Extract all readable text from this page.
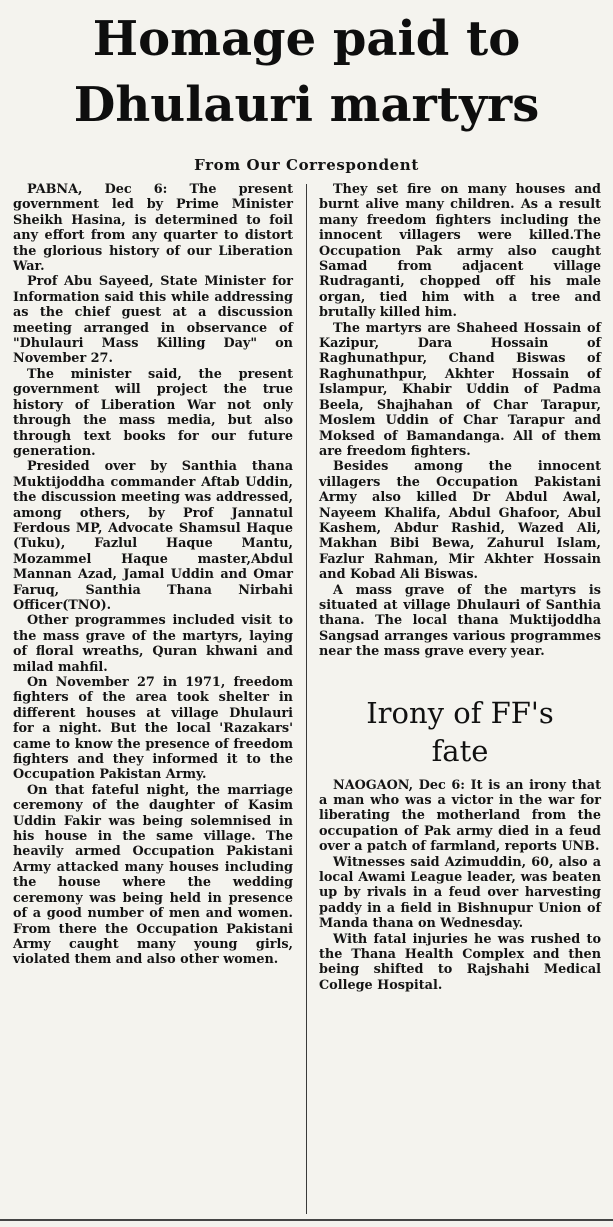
Homage paid to
Dhulauri martyrs
From Our Correspondent

PABNA, Dec 6: The present government led by Prime Minister Sheikh Hasina, is determined to foil any effort from any quarter to distort the glorious history of our Liberation War.

Prof Abu Sayeed, State Minister for Information said this while addressing as the chief guest at a discussion meeting arranged in observance of "Dhulauri Mass Killing Day" on November 27.

The minister said, the present government will project the true history of Liberation War not only through the mass media, but also through text books for our future generation.

Presided over by Santhia thana Muktijoddha commander Aftab Uddin, the discussion meeting was addressed, among others, by Prof Jannatul Ferdous MP, Advocate Shamsul Haque (Tuku), Fazlul Haque Mantu, Mozammel Haque master,Abdul Mannan Azad, Jamal Uddin and Omar Faruq, Santhia Thana Nirbahi Officer(TNO).

Other programmes included visit to the mass grave of the martyrs, laying of floral wreaths, Quran khwani and milad mahfil.

On November 27 in 1971, freedom fighters of the area took shelter in different houses at village Dhulauri for a night. But the local 'Razakars' came to know the presence of freedom fighters and they informed it to the Occupation Pakistan Army.

On that fateful night, the marriage ceremony of the daughter of Kasim Uddin Fakir was being solemnised in his house in the same village. The heavily armed Occupation Pakistani Army attacked many houses including the house where the wedding ceremony was being held in presence of a good number of men and women. From there the Occupation Pakistani Army caught many young girls, violated them and also other women.

They set fire on many houses and burnt alive many children. As a result many freedom fighters including the innocent villagers were killed.The Occupation Pak army also caught Samad from adjacent village Rudraganti, chopped off his male organ, tied him with a tree and brutally killed him.

The martyrs are Shaheed Hossain of Kazipur, Dara Hossain of Raghunathpur, Chand Biswas of Raghunathpur, Akhter Hossain of Islampur, Khabir Uddin of Padma Beela, Shajhahan of Char Tarapur, Moslem Uddin of Char Tarapur and Moksed of Bamandanga. All of them are freedom fighters.

Besides among the innocent villagers the Occupation Pakistani Army also killed Dr Abdul Awal, Nayeem Khalifa, Abdul Ghafoor, Abul Kashem, Abdur Rashid, Wazed Ali, Makhan Bibi Bewa, Zahurul Islam, Fazlur Rahman, Mir Akhter Hossain and Kobad Ali Biswas.

A mass grave of the martyrs is situated at village Dhulauri of Santhia thana. The local thana Muktijoddha Sangsad arranges various programmes near the mass grave every year.

Irony of FF's
fate

NAOGAON, Dec 6: It is an irony that a man who was a victor in the war for liberating the motherland from the occupation of Pak army died in a feud over a patch of farmland, reports UNB.

Witnesses said Azimuddin, 60, also a local Awami League leader, was beaten up by rivals in a feud over harvesting paddy in a field in Bishnupur Union of Manda thana on Wednesday.

With fatal injuries he was rushed to the Thana Health Complex and then being shifted to Rajshahi Medical College Hospital.
